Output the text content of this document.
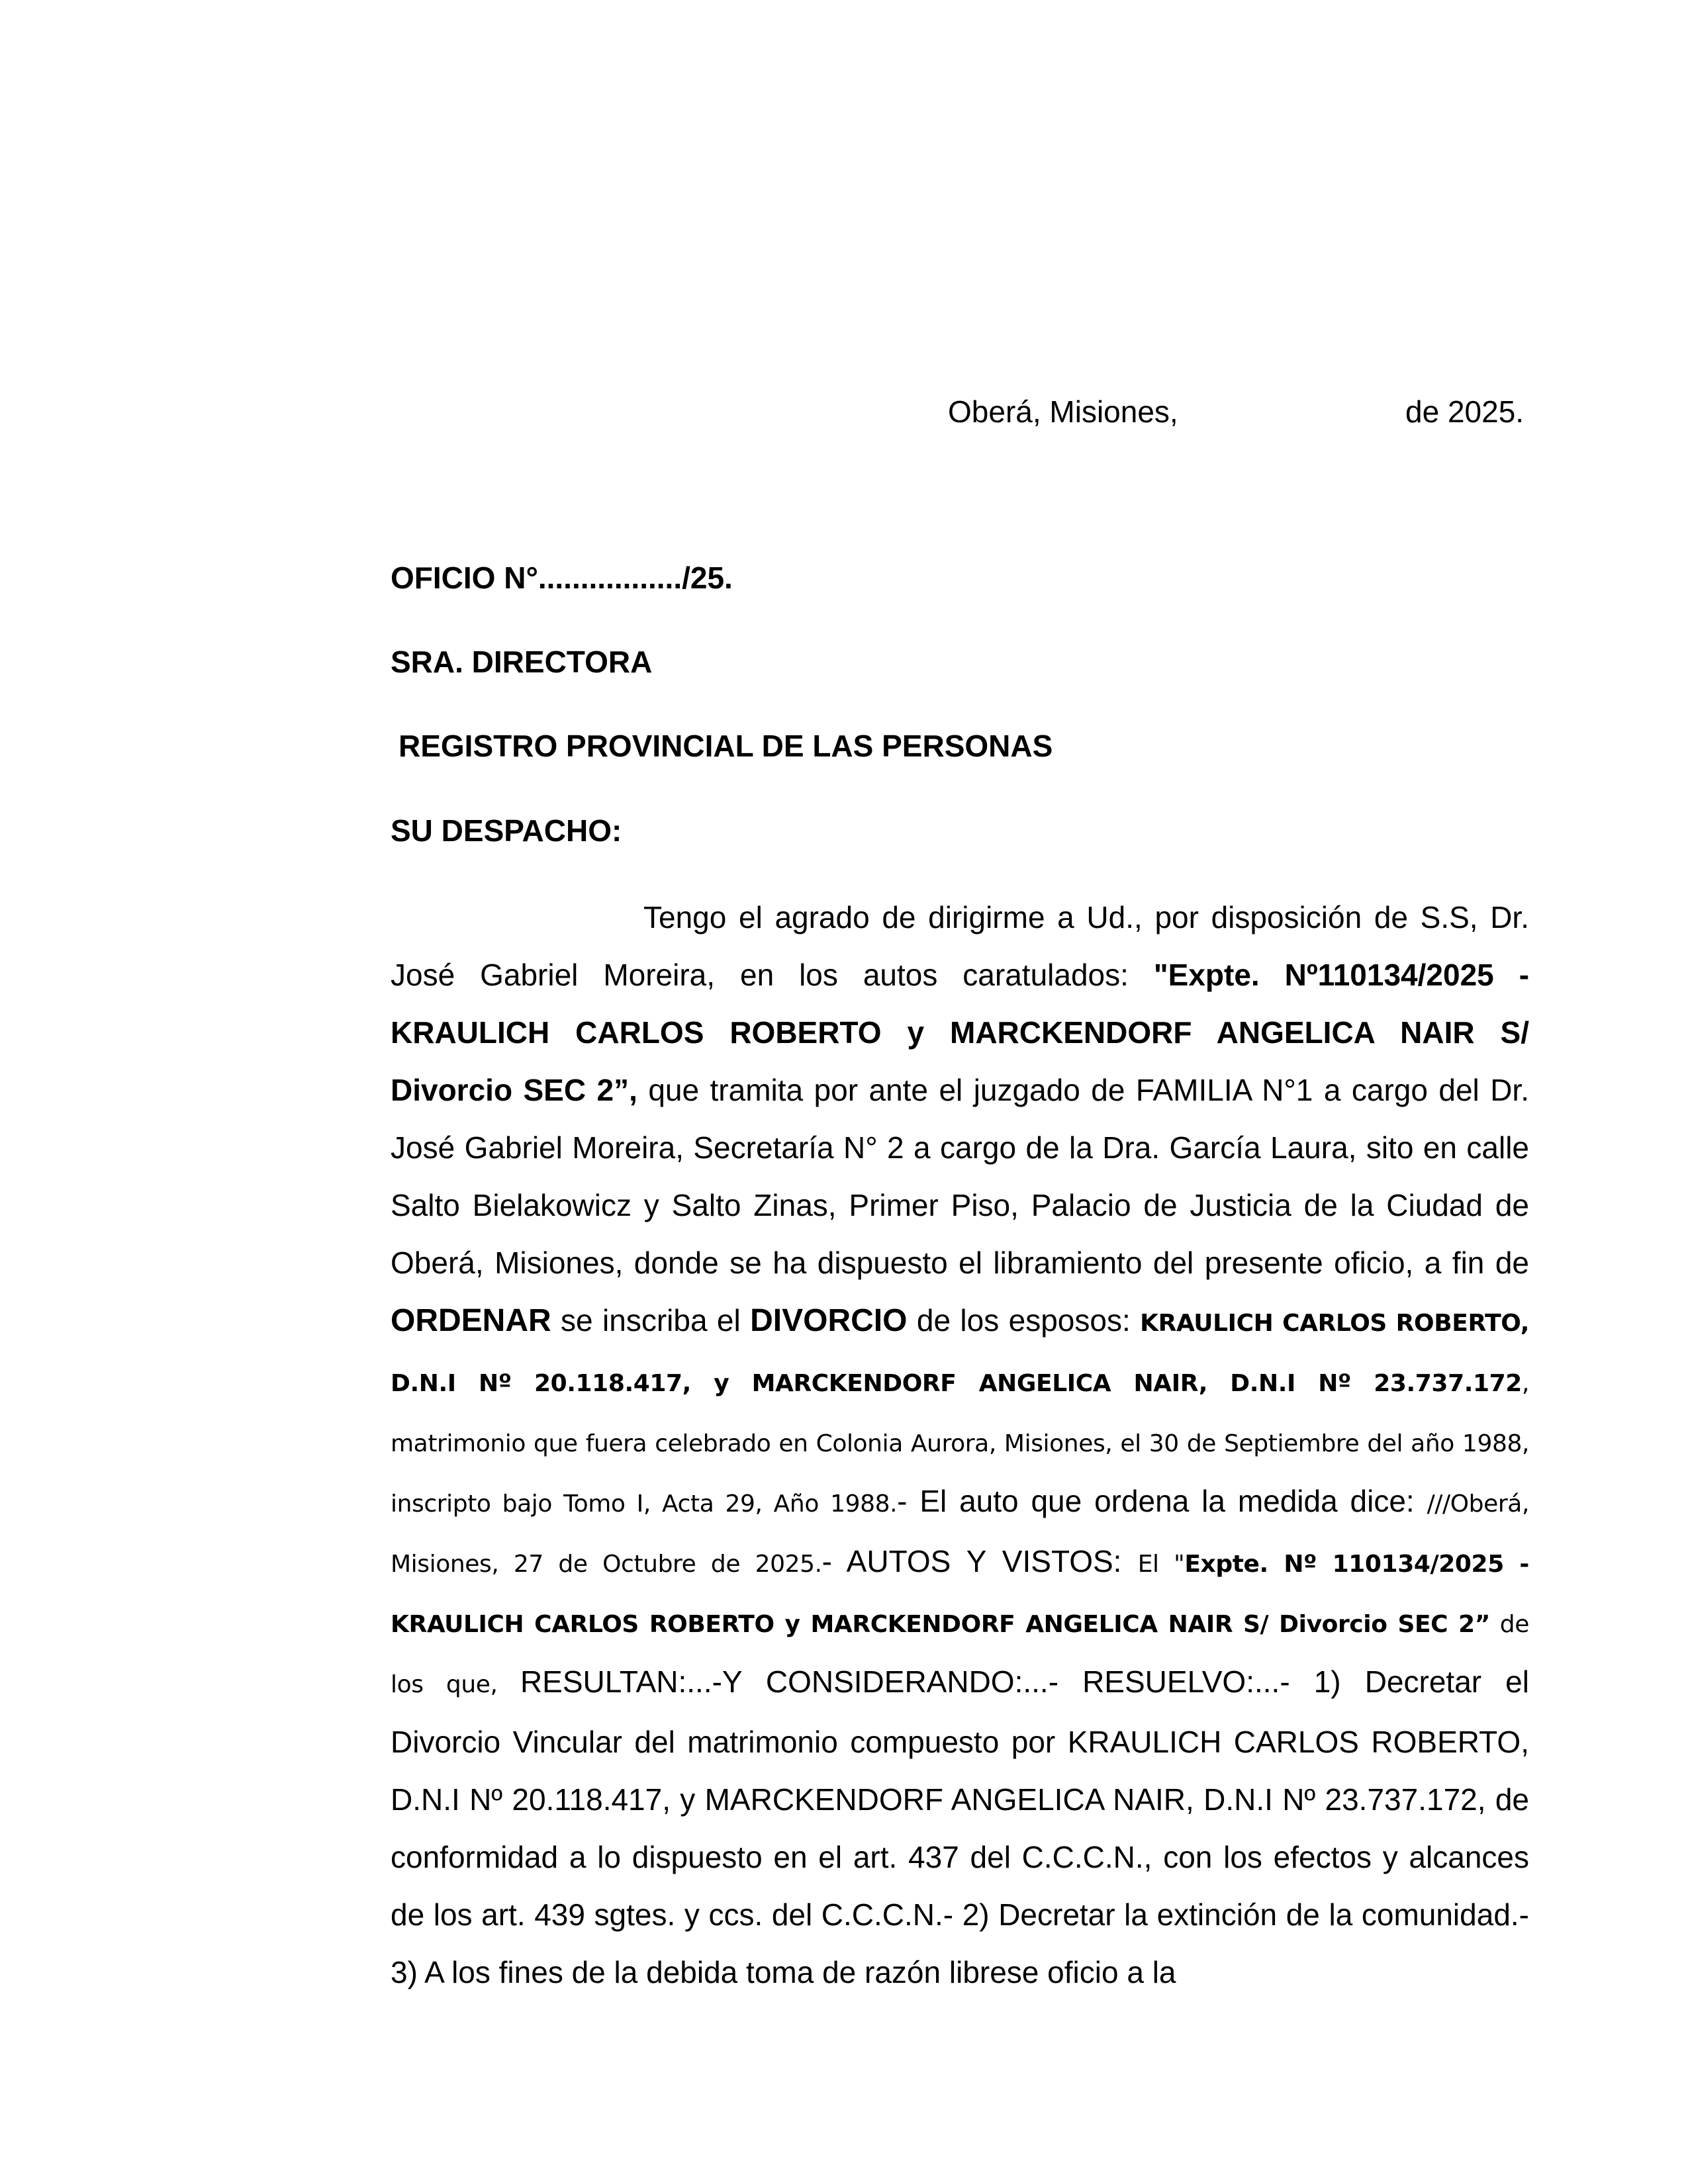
Oberá, Misiones,	de 2025.

OFICIO N°................./25.

SRA. DIRECTORA

REGISTRO PROVINCIAL DE LAS PERSONAS

SU DESPACHO:

Tengo el agrado de dirigirme a Ud., por disposición de S.S, Dr. José Gabriel Moreira, en los autos caratulados: "Expte. Nº110134/2025 - KRAULICH CARLOS ROBERTO y MARCKENDORF ANGELICA NAIR S/ Divorcio SEC 2”, que tramita por ante el juzgado de FAMILIA N°1 a cargo del Dr. José Gabriel Moreira, Secretaría N° 2 a cargo de la Dra. García Laura, sito en calle Salto Bielakowicz y Salto Zinas, Primer Piso, Palacio de Justicia de la Ciudad de Oberá, Misiones, donde se ha dispuesto el libramiento del presente oficio, a fin de ORDENAR se inscriba el DIVORCIO de los esposos: KRAULICH CARLOS ROBERTO, D.N.I Nº 20.118.417, y MARCKENDORF ANGELICA NAIR, D.N.I Nº 23.737.172, matrimonio que fuera celebrado en Colonia Aurora, Misiones, el 30 de Septiembre del año 1988, inscripto bajo Tomo I, Acta 29, Año 1988.- El auto que ordena la medida dice: ///Oberá, Misiones, 27 de Octubre de 2025.- AUTOS Y VISTOS: El "Expte. Nº 110134/2025 - KRAULICH CARLOS ROBERTO y MARCKENDORF ANGELICA NAIR S/ Divorcio SEC 2” de los que, RESULTAN:...-Y CONSIDERANDO:...- RESUELVO:...- 1) Decretar el Divorcio Vincular del matrimonio compuesto por KRAULICH CARLOS ROBERTO, D.N.I Nº 20.118.417, y MARCKENDORF ANGELICA NAIR, D.N.I Nº 23.737.172, de conformidad a lo dispuesto en el art. 437 del C.C.C.N., con los efectos y alcances de los art. 439 sgtes. y ccs. del C.C.C.N.- 2) Decretar la extinción de la comunidad.- 3) A los fines de la debida toma de razón librese oficio a la
